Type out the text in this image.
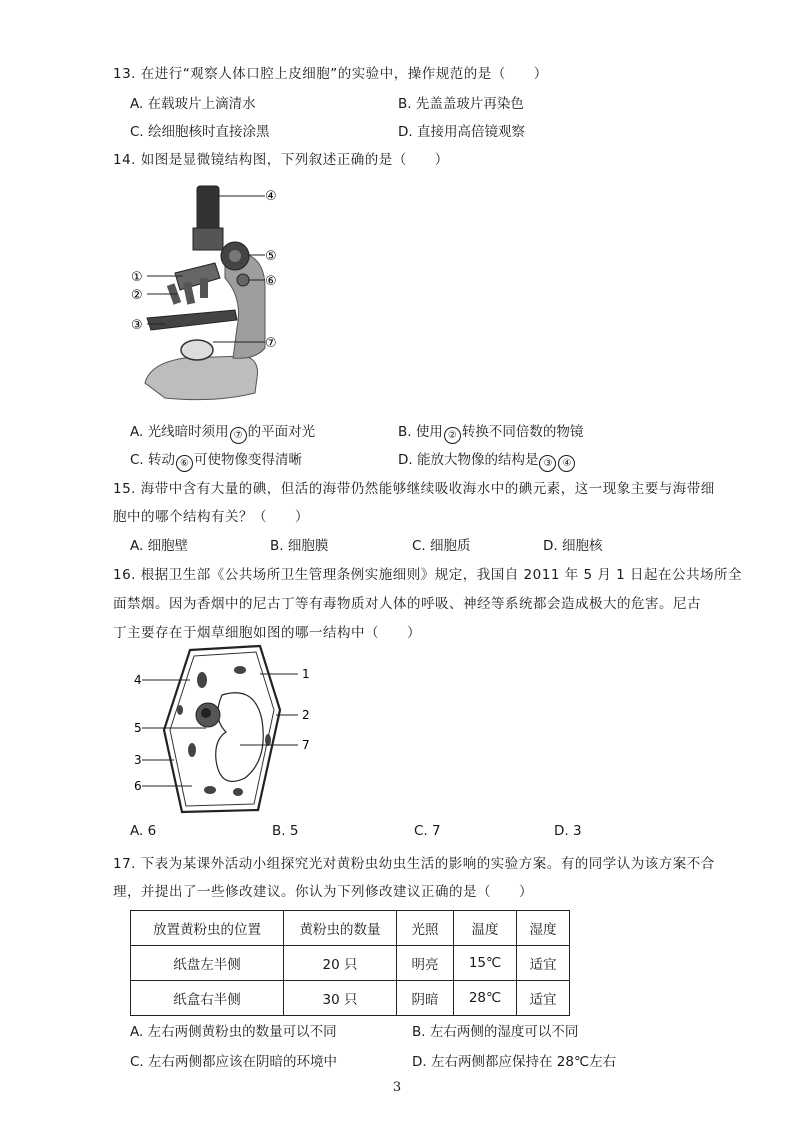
13. 在进行“观察人体口腔上皮细胞”的实验中，操作规范的是（　　）
A. 在载玻片上滴清水	B. 先盖盖玻片再染色
C. 绘细胞核时直接涂黑	D. 直接用高倍镜观察
14. 如图是显微镜结构图，下列叙述正确的是（　　）
④
⑤
⑥
①
②
③
⑦
A. 光线暗时须用 ⑦ 的平面对光	B. 使用 ② 转换不同倍数的物镜
C. 转动 ⑥ 可使物像变得清晰	D. 能放大物像的结构是 ③ ④
15. 海带中含有大量的碘，但活的海带仍然能够继续吸收海水中的碘元素，这一现象主要与海带细
胞中的哪个结构有关？（　　）
A. 细胞壁	B. 细胞膜	C. 细胞质	D. 细胞核
16. 根据卫生部《公共场所卫生管理条例实施细则》规定，我国自 2011 年 5 月 1 日起在公共场所全
面禁烟。因为香烟中的尼古丁等有毒物质对人体的呼吸、神经等系统都会造成极大的危害。尼古
丁主要存在于烟草细胞如图的哪一结构中（　　）
4	1
5
2
3
7
6
A. 6	B. 5	C. 7	D. 3
17. 下表为某课外活动小组探究光对黄粉虫幼虫生活的影响的实验方案。有的同学认为该方案不合
理，并提出了一些修改建议。你认为下列修改建议正确的是（　　）
放置黄粉虫的位置	黄粉虫的数量	光照	温度	湿度
纸盘左半侧	20 只	明亮	15℃	适宜
纸盒右半侧	30 只	阴暗	28℃	适宜
A. 左右两侧黄粉虫的数量可以不同	B. 左右两侧的湿度可以不同
C. 左右两侧都应该在阴暗的环境中	D. 左右两侧都应保持在 28℃左右
3
